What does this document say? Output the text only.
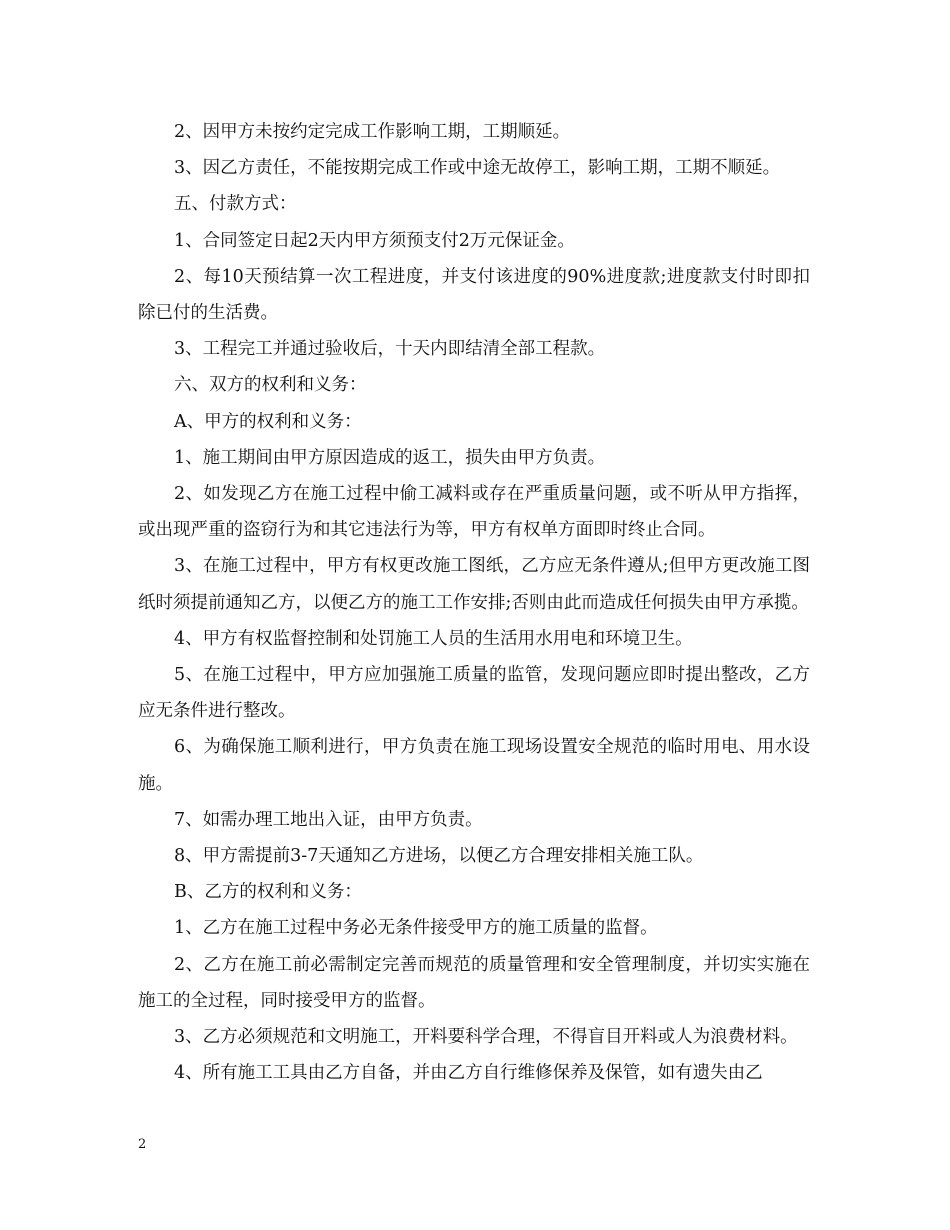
2、因甲方未按约定完成工作影响工期，工期顺延。

3、因乙方责任，不能按期完成工作或中途无故停工，影响工期，工期不顺延。

五、付款方式：

1、合同签定日起2天内甲方须预支付2万元保证金。

2、每10天预结算一次工程进度，并支付该进度的90%进度款;进度款支付时即扣除已付的生活费。

3、工程完工并通过验收后，十天内即结清全部工程款。

六、双方的权利和义务：

A、甲方的权利和义务：

1、施工期间由甲方原因造成的返工，损失由甲方负责。

2、如发现乙方在施工过程中偷工减料或存在严重质量问题，或不听从甲方指挥，或出现严重的盗窃行为和其它违法行为等，甲方有权单方面即时终止合同。

3、在施工过程中，甲方有权更改施工图纸，乙方应无条件遵从;但甲方更改施工图纸时须提前通知乙方，以便乙方的施工工作安排;否则由此而造成任何损失由甲方承揽。

4、甲方有权监督控制和处罚施工人员的生活用水用电和环境卫生。

5、在施工过程中，甲方应加强施工质量的监管，发现问题应即时提出整改，乙方应无条件进行整改。

6、为确保施工顺利进行，甲方负责在施工现场设置安全规范的临时用电、用水设施。

7、如需办理工地出入证，由甲方负责。

8、甲方需提前3-7天通知乙方进场，以便乙方合理安排相关施工队。

B、乙方的权利和义务：

1、乙方在施工过程中务必无条件接受甲方的施工质量的监督。

2、乙方在施工前必需制定完善而规范的质量管理和安全管理制度，并切实实施在施工的全过程，同时接受甲方的监督。

3、乙方必须规范和文明施工，开料要科学合理，不得盲目开料或人为浪费材料。

4、所有施工工具由乙方自备，并由乙方自行维修保养及保管，如有遗失由乙

2
